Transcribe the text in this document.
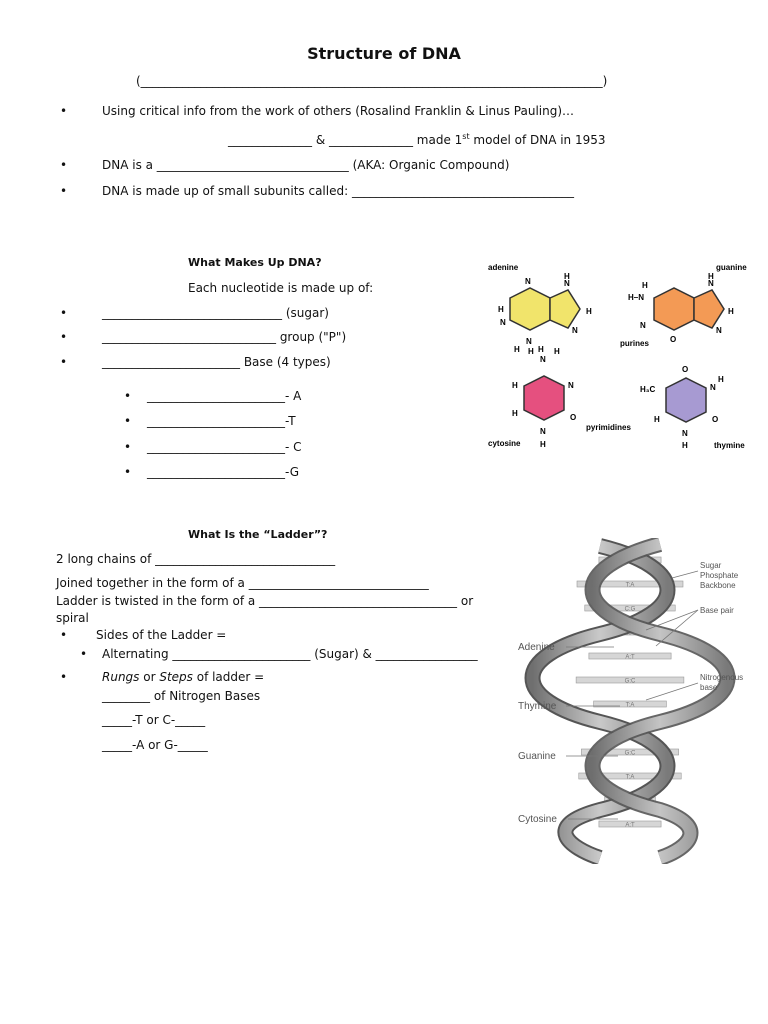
Structure of DNA
(_____________________________________________________________________________)
•	Using critical info from the work of others (Rosalind Franklin & Linus Pauling)…
______________ & ______________ made 1st model of DNA in 1953
•	DNA is a ________________________________ (AKA: Organic Compound)
•	DNA is made up of small subunits called: _____________________________________
What Makes Up DNA?
Each nucleotide is made up of:
•	______________________________ (sugar)
•	_____________________________ group ("P")
•	_______________________ Base (4 types)
• _______________________- A
• _______________________-T
• _______________________- C
• _______________________-G
N
H
N
N
H
N
H
N
H H
adenine
H–N
H
N
N
H
N
H
O
guanine
purines
N
H	H
H
H
N
O
N
H
cytosine
pyrimidines
O
H₃C	N
H
O
H
N
H	thymine
What Is the “Ladder”?
2 long chains of ______________________________
Joined together in the form of a ______________________________
Ladder is twisted in the form of a _________________________________ or
spiral
• Sides of the Ladder =
• Alternating _______________________ (Sugar) & _________________
•	Rungs or Steps of ladder =
________ of Nitrogen Bases
_____-T or C-_____
_____-A or G-_____
G:C
T:A
C:G
T:A
A:T
G:C
T:A
A:T
G:C
T:A
C:G
A:T
Sugar
Phosphate
Backbone
Base pair
Nitrogenous
base
Adenine
Thymine
Guanine
Cytosine
